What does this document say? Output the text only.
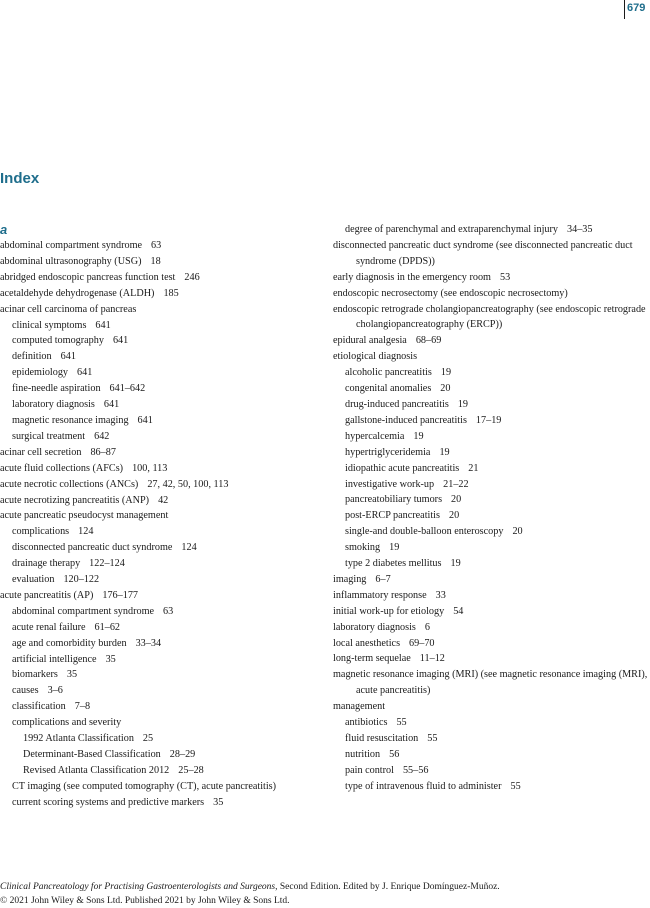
679
Index
a
abdominal compartment syndrome 63
abdominal ultrasonography (USG) 18
abridged endoscopic pancreas function test 246
acetaldehyde dehydrogenase (ALDH) 185
acinar cell carcinoma of pancreas
clinical symptoms 641
computed tomography 641
definition 641
epidemiology 641
fine-needle aspiration 641–642
laboratory diagnosis 641
magnetic resonance imaging 641
surgical treatment 642
acinar cell secretion 86–87
acute fluid collections (AFCs) 100, 113
acute necrotic collections (ANCs) 27, 42, 50, 100, 113
acute necrotizing pancreatitis (ANP) 42
acute pancreatic pseudocyst management
complications 124
disconnected pancreatic duct syndrome 124
drainage therapy 122–124
evaluation 120–122
acute pancreatitis (AP) 176–177
abdominal compartment syndrome 63
acute renal failure 61–62
age and comorbidity burden 33–34
artificial intelligence 35
biomarkers 35
causes 3–6
classification 7–8
complications and severity
1992 Atlanta Classification 25
Determinant-Based Classification 28–29
Revised Atlanta Classification 2012 25–28
CT imaging (see computed tomography (CT), acute pancreatitis)
current scoring systems and predictive markers 35
degree of parenchymal and extraparenchymal injury 34–35
disconnected pancreatic duct syndrome (see disconnected pancreatic duct syndrome (DPDS))
early diagnosis in the emergency room 53
endoscopic necrosectomy (see endoscopic necrosectomy)
endoscopic retrograde cholangiopancreatography (see endoscopic retrograde cholangiopancreatography (ERCP))
epidural analgesia 68–69
etiological diagnosis
alcoholic pancreatitis 19
congenital anomalies 20
drug-induced pancreatitis 19
gallstone-induced pancreatitis 17–19
hypercalcemia 19
hypertriglyceridemia 19
idiopathic acute pancreatitis 21
investigative work-up 21–22
pancreatobiliary tumors 20
post-ERCP pancreatitis 20
single-and double-balloon enteroscopy 20
smoking 19
type 2 diabetes mellitus 19
imaging 6–7
inflammatory response 33
initial work-up for etiology 54
laboratory diagnosis 6
local anesthetics 69–70
long-term sequelae 11–12
magnetic resonance imaging (MRI) (see magnetic resonance imaging (MRI), acute pancreatitis)
management
antibiotics 55
fluid resuscitation 55
nutrition 56
pain control 55–56
type of intravenous fluid to administer 55
Clinical Pancreatology for Practising Gastroenterologists and Surgeons, Second Edition. Edited by J. Enrique Domínguez-Muñoz.
© 2021 John Wiley & Sons Ltd. Published 2021 by John Wiley & Sons Ltd.
